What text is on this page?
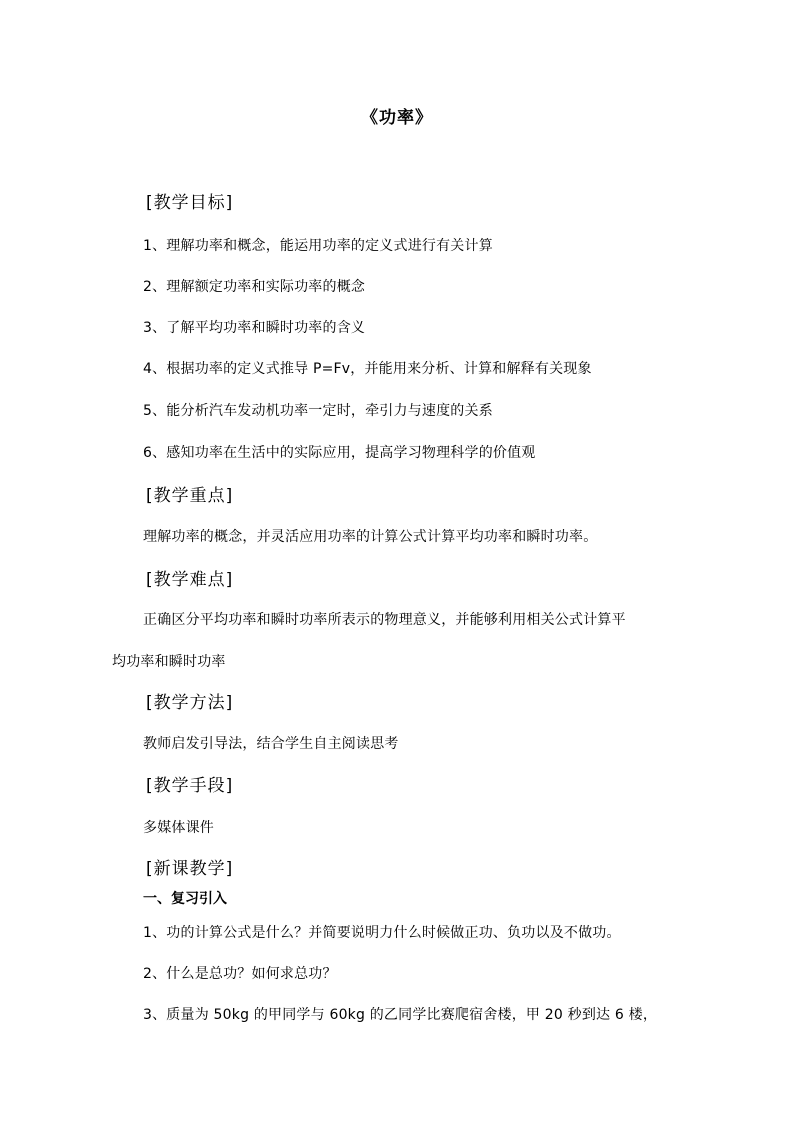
《功率》
[教学目标]
1、理解功率和概念，能运用功率的定义式进行有关计算
2、理解额定功率和实际功率的概念
3、了解平均功率和瞬时功率的含义
4、根据功率的定义式推导 P=Fv，并能用来分析、计算和解释有关现象
5、能分析汽车发动机功率一定时，牵引力与速度的关系
6、感知功率在生活中的实际应用，提高学习物理科学的价值观
[教学重点]
理解功率的概念，并灵活应用功率的计算公式计算平均功率和瞬时功率。
[教学难点]
正确区分平均功率和瞬时功率所表示的物理意义，并能够利用相关公式计算平
均功率和瞬时功率
[教学方法]
教师启发引导法，结合学生自主阅读思考
[教学手段]
多媒体课件
[新课教学]
一、复习引入
1、功的计算公式是什么？并简要说明力什么时候做正功、负功以及不做功。
2、什么是总功？如何求总功？
3、质量为 50kg 的甲同学与 60kg 的乙同学比赛爬宿舍楼，甲 20 秒到达 6 楼，
